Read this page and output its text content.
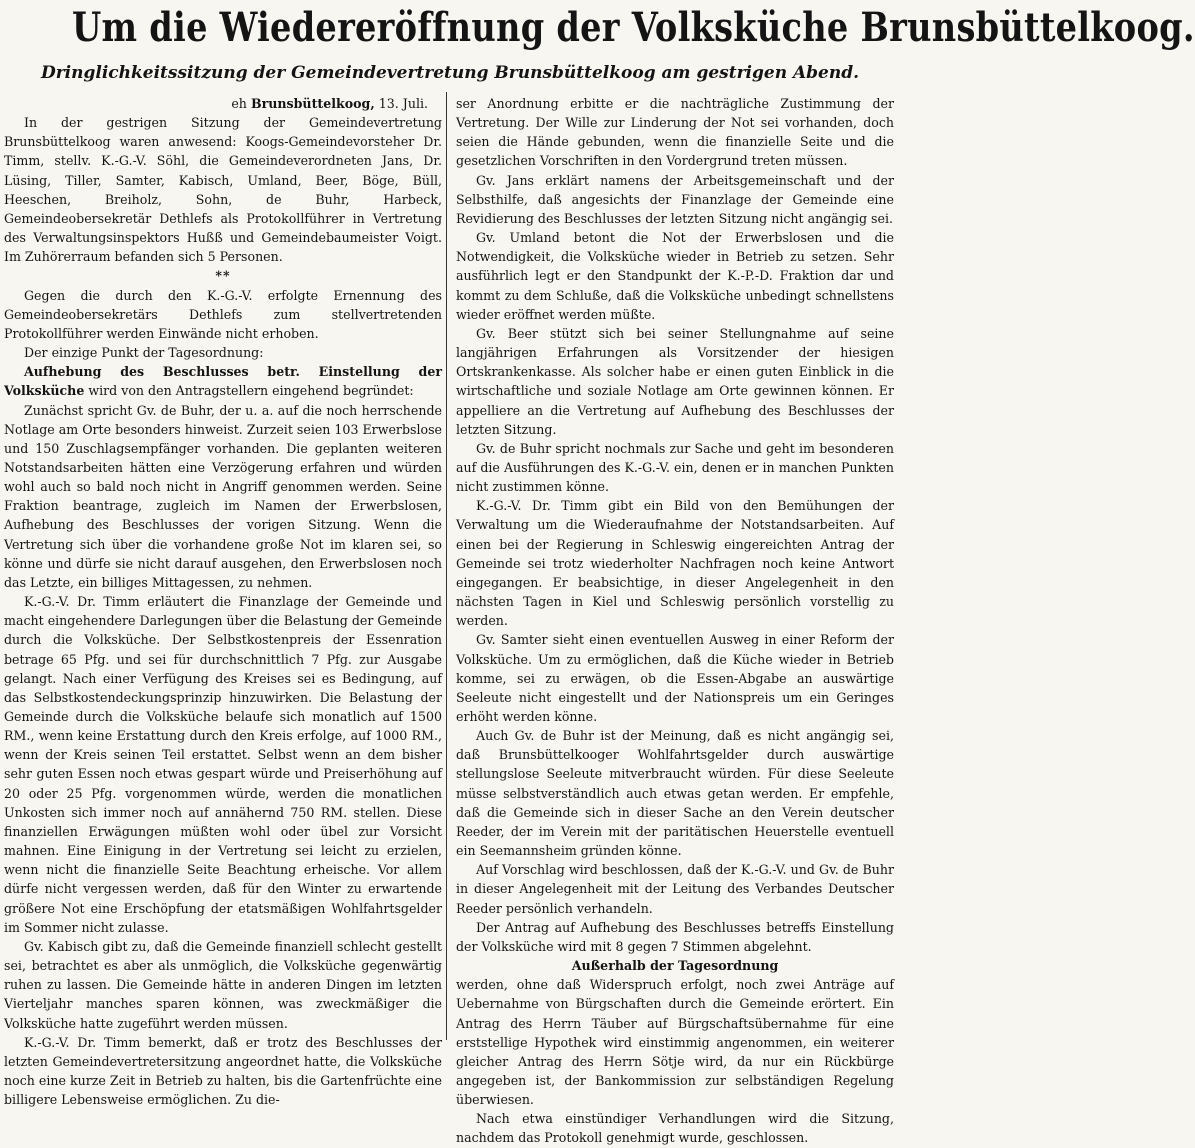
Um die Wiedereröffnung der Volksküche Brunsbüttelkoog.
Dringlichkeitssitzung der Gemeindevertretung Brunsbüttelkoog am gestrigen Abend.

eh Brunsbüttelkoog, 13. Juli.

In der gestrigen Sitzung der Gemeindevertretung Brunsbüttelkoog waren anwesend: Koogs-Gemeindevorsteher Dr. Timm, stellv. K.-G.-V. Söhl, die Gemeindeverordneten Jans, Dr. Lüsing, Tiller, Samter, Kabisch, Umland, Beer, Böge, Büll, Heeschen, Breiholz, Sohn, de Buhr, Harbeck, Gemeindeobersekretär Dethlefs als Protokollführer in Vertretung des Verwaltungsinspektors Hußß und Gemeindebaumeister Voigt. Im Zuhörerraum befanden sich 5 Personen.

**

Gegen die durch den K.-G.-V. erfolgte Ernennung des Gemeindeobersekretärs Dethlefs zum stellvertretenden Protokollführer werden Einwände nicht erhoben.

Der einzige Punkt der Tagesordnung:

Aufhebung des Beschlusses betr. Einstellung der Volksküche wird von den Antragstellern eingehend begründet:

Zunächst spricht Gv. de Buhr, der u. a. auf die noch herrschende Notlage am Orte besonders hinweist. Zurzeit seien 103 Erwerbslose und 150 Zuschlagsempfänger vorhanden. Die geplanten weiteren Notstandsarbeiten hätten eine Verzögerung erfahren und würden wohl auch so bald noch nicht in Angriff genommen werden. Seine Fraktion beantrage, zugleich im Namen der Erwerbslosen, Aufhebung des Beschlusses der vorigen Sitzung. Wenn die Vertretung sich über die vorhandene große Not im klaren sei, so könne und dürfe sie nicht darauf ausgehen, den Erwerbslosen noch das Letzte, ein billiges Mittagessen, zu nehmen.

K.-G.-V. Dr. Timm erläutert die Finanzlage der Gemeinde und macht eingehendere Darlegungen über die Belastung der Gemeinde durch die Volksküche. Der Selbstkostenpreis der Essenration betrage 65 Pfg. und sei für durchschnittlich 7 Pfg. zur Ausgabe gelangt. Nach einer Verfügung des Kreises sei es Bedingung, auf das Selbstkostendeckungsprinzip hinzuwirken. Die Belastung der Gemeinde durch die Volksküche belaufe sich monatlich auf 1500 RM., wenn keine Erstattung durch den Kreis erfolge, auf 1000 RM., wenn der Kreis seinen Teil erstattet. Selbst wenn an dem bisher sehr guten Essen noch etwas gespart würde und Preiserhöhung auf 20 oder 25 Pfg. vorgenommen würde, werden die monatlichen Unkosten sich immer noch auf annähernd 750 RM. stellen. Diese finanziellen Erwägungen müßten wohl oder übel zur Vorsicht mahnen. Eine Einigung in der Vertretung sei leicht zu erzielen, wenn nicht die finanzielle Seite Beachtung erheische. Vor allem dürfe nicht vergessen werden, daß für den Winter zu erwartende größere Not eine Erschöpfung der etatsmäßigen Wohlfahrtsgelder im Sommer nicht zulasse.

Gv. Kabisch gibt zu, daß die Gemeinde finanziell schlecht gestellt sei, betrachtet es aber als unmöglich, die Volksküche gegenwärtig ruhen zu lassen. Die Gemeinde hätte in anderen Dingen im letzten Vierteljahr manches sparen können, was zweckmäßiger die Volksküche hatte zugeführt werden müssen.

K.-G.-V. Dr. Timm bemerkt, daß er trotz des Beschlusses der letzten Gemeindevertretersitzung angeordnet hatte, die Volksküche noch eine kurze Zeit in Betrieb zu halten, bis die Gartenfrüchte eine billigere Lebensweise ermöglichen. Zu die-

ser Anordnung erbitte er die nachträgliche Zustimmung der Vertretung. Der Wille zur Linderung der Not sei vorhanden, doch seien die Hände gebunden, wenn die finanzielle Seite und die gesetzlichen Vorschriften in den Vordergrund treten müssen.

Gv. Jans erklärt namens der Arbeitsgemeinschaft und der Selbsthilfe, daß angesichts der Finanzlage der Gemeinde eine Revidierung des Beschlusses der letzten Sitzung nicht angängig sei.

Gv. Umland betont die Not der Erwerbslosen und die Notwendigkeit, die Volksküche wieder in Betrieb zu setzen. Sehr ausführlich legt er den Standpunkt der K.-P.-D. Fraktion dar und kommt zu dem Schluße, daß die Volksküche unbedingt schnellstens wieder eröffnet werden müßte.

Gv. Beer stützt sich bei seiner Stellungnahme auf seine langjährigen Erfahrungen als Vorsitzender der hiesigen Ortskrankenkasse. Als solcher habe er einen guten Einblick in die wirtschaftliche und soziale Notlage am Orte gewinnen können. Er appelliere an die Vertretung auf Aufhebung des Beschlusses der letzten Sitzung.

Gv. de Buhr spricht nochmals zur Sache und geht im besonderen auf die Ausführungen des K.-G.-V. ein, denen er in manchen Punkten nicht zustimmen könne.

K.-G.-V. Dr. Timm gibt ein Bild von den Bemühungen der Verwaltung um die Wiederaufnahme der Notstandsarbeiten. Auf einen bei der Regierung in Schleswig eingereichten Antrag der Gemeinde sei trotz wiederholter Nachfragen noch keine Antwort eingegangen. Er beabsichtige, in dieser Angelegenheit in den nächsten Tagen in Kiel und Schleswig persönlich vorstellig zu werden.

Gv. Samter sieht einen eventuellen Ausweg in einer Reform der Volksküche. Um zu ermöglichen, daß die Küche wieder in Betrieb komme, sei zu erwägen, ob die Essen-Abgabe an auswärtige Seeleute nicht eingestellt und der Nationspreis um ein Geringes erhöht werden könne.

Auch Gv. de Buhr ist der Meinung, daß es nicht angängig sei, daß Brunsbüttelkooger Wohlfahrtsgelder durch auswärtige stellungslose Seeleute mitverbraucht würden. Für diese Seeleute müsse selbstverständlich auch etwas getan werden. Er empfehle, daß die Gemeinde sich in dieser Sache an den Verein deutscher Reeder, der im Verein mit der paritätischen Heuerstelle eventuell ein Seemannsheim gründen könne.

Auf Vorschlag wird beschlossen, daß der K.-G.-V. und Gv. de Buhr in dieser Angelegenheit mit der Leitung des Verbandes Deutscher Reeder persönlich verhandeln.

Der Antrag auf Aufhebung des Beschlusses betreffs Einstellung der Volksküche wird mit 8 gegen 7 Stimmen abgelehnt.

Außerhalb der Tagesordnung

werden, ohne daß Widerspruch erfolgt, noch zwei Anträge auf Uebernahme von Bürgschaften durch die Gemeinde erörtert. Ein Antrag des Herrn Täuber auf Bürgschaftsübernahme für eine erststellige Hypothek wird einstimmig angenommen, ein weiterer gleicher Antrag des Herrn Sötje wird, da nur ein Rückbürge angegeben ist, der Bankommission zur selbständigen Regelung überwiesen.

Nach etwa einstündiger Verhandlungen wird die Sitzung, nachdem das Protokoll genehmigt wurde, geschlossen.
